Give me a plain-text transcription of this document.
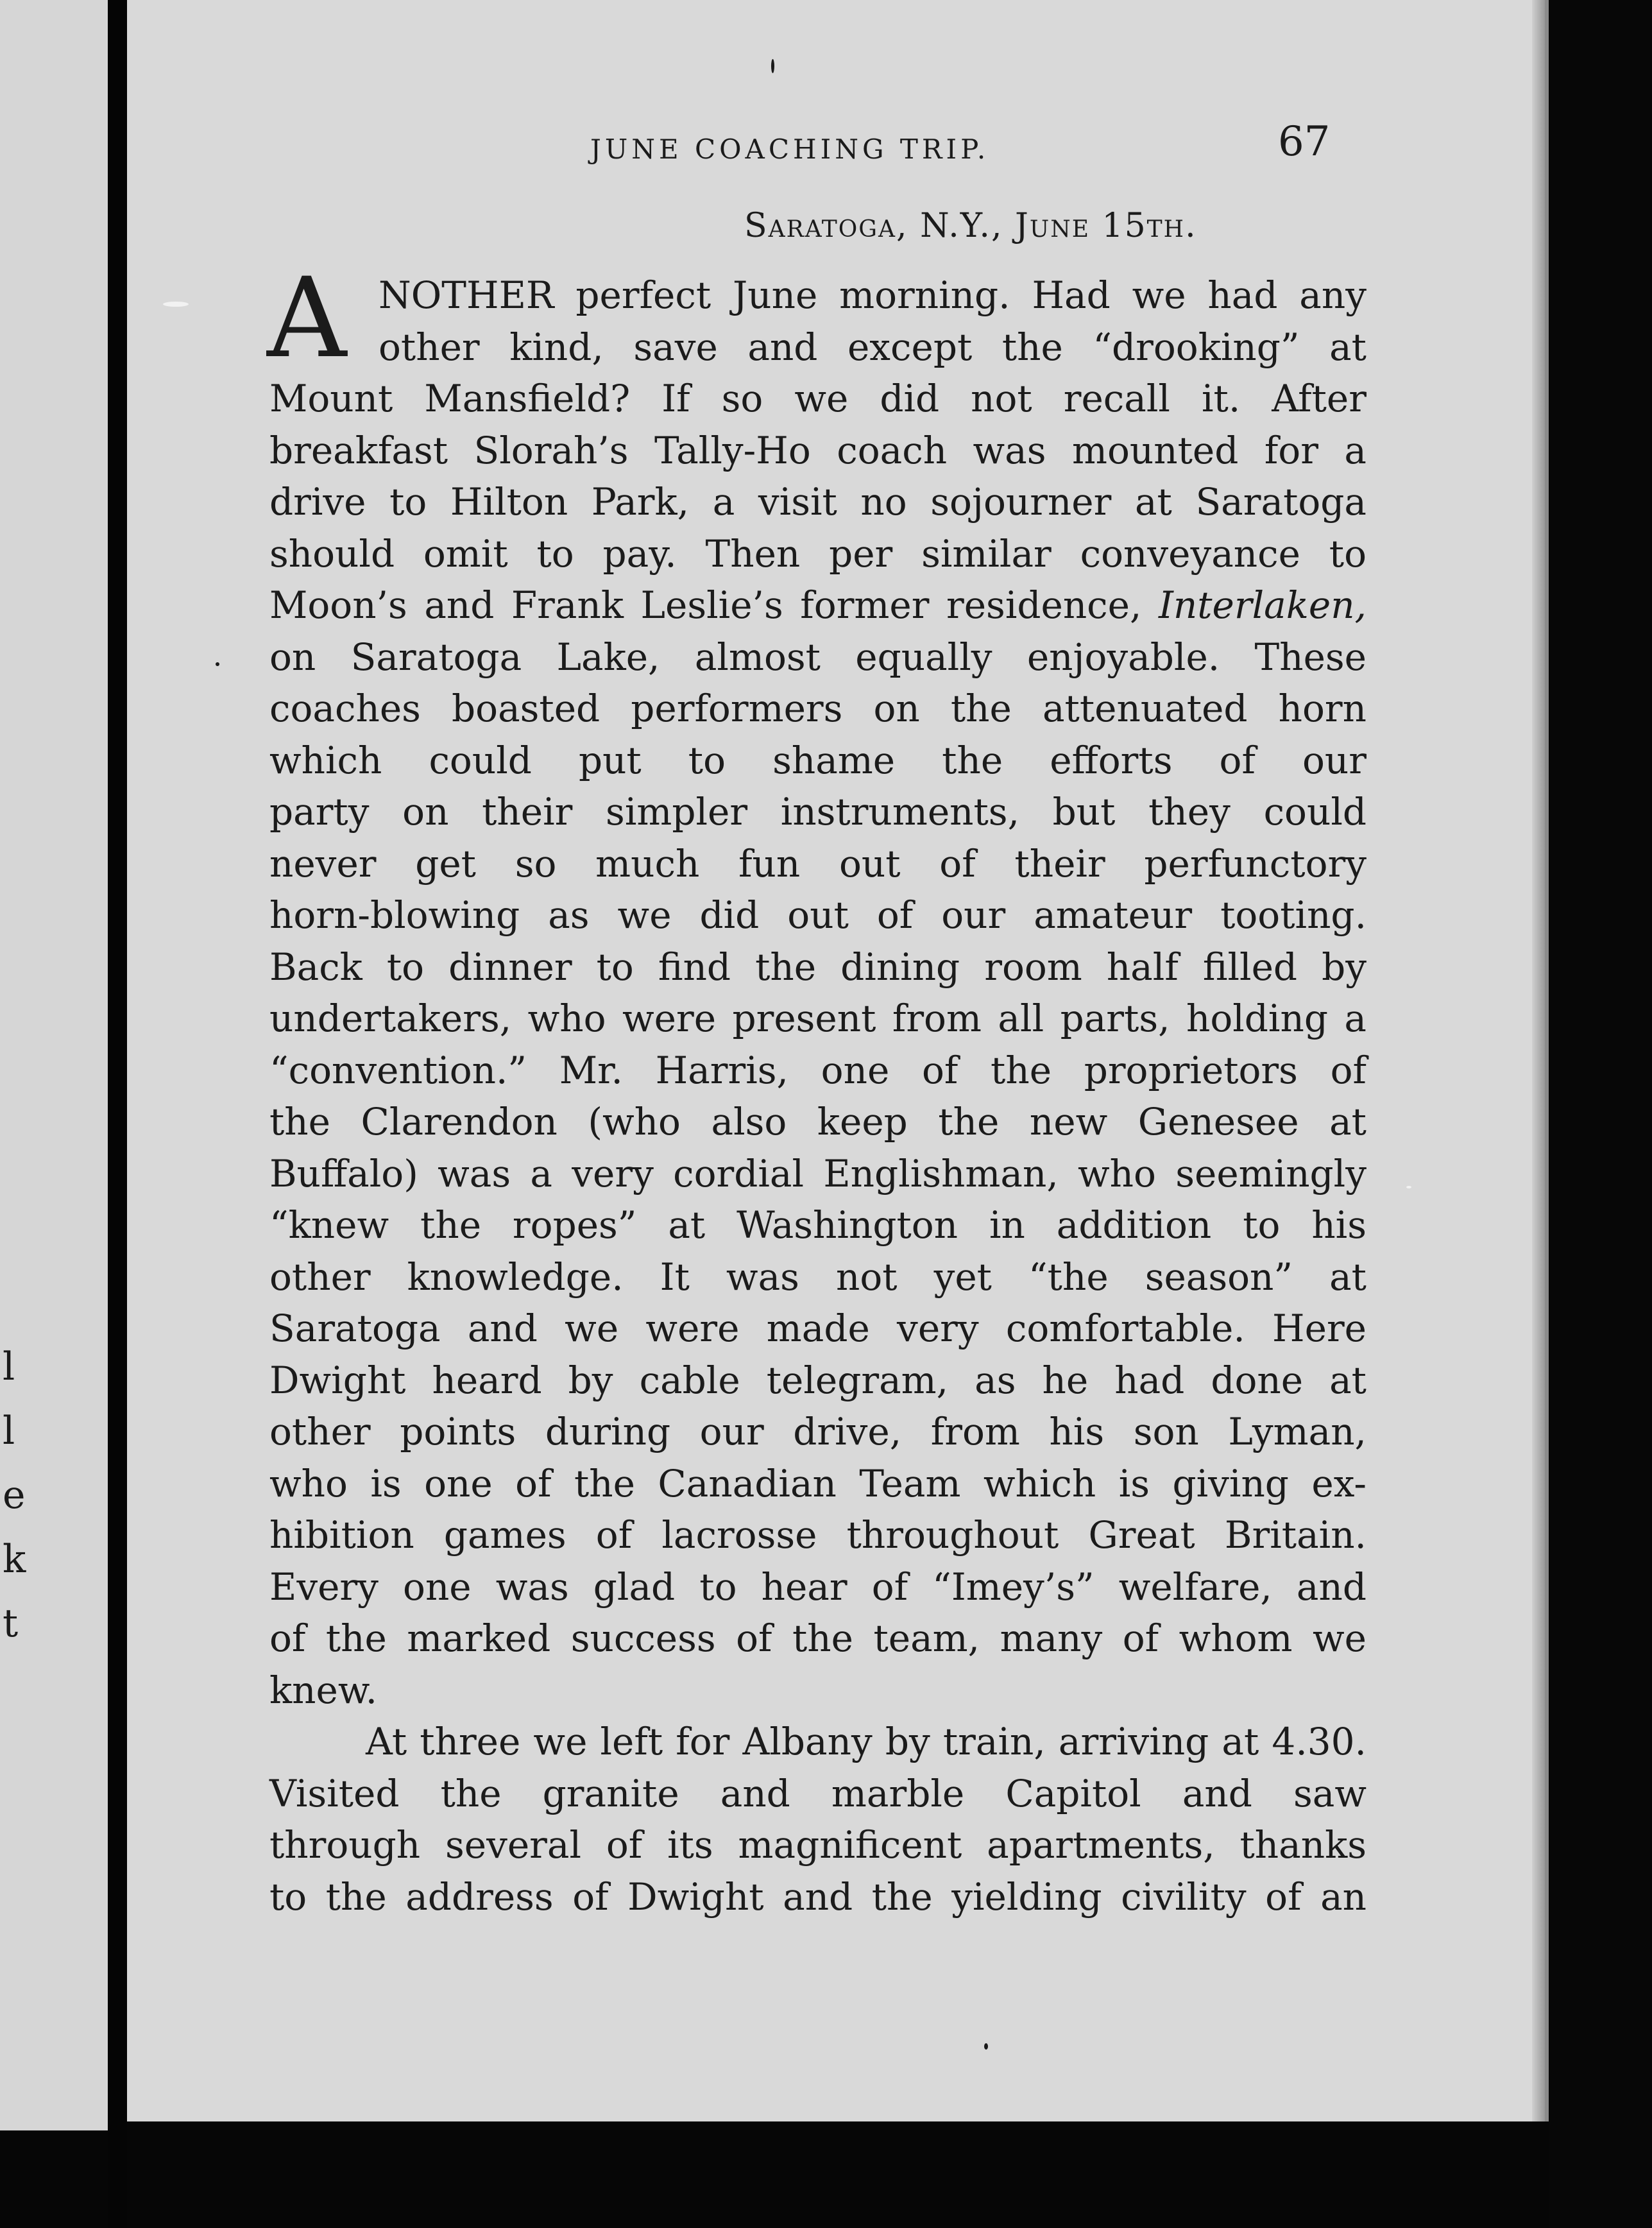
l
l
e
k
t
JUNE COACHING TRIP.	67
Saratoga, N.Y., June 15th.
A NOTHER perfect June morning. Had we had any
other kind, save and except the “drooking” at
Mount Mansfield? If so we did not recall it. After
breakfast Slorah’s Tally-Ho coach was mounted for a
drive to Hilton Park, a visit no sojourner at Saratoga
should omit to pay. Then per similar conveyance to
Moon’s and Frank Leslie’s former residence, Interlaken,
on Saratoga Lake, almost equally enjoyable. These
coaches boasted performers on the attenuated horn
which could put to shame the efforts of our
party on their simpler instruments, but they could
never get so much fun out of their perfunctory
horn-blowing as we did out of our amateur tooting.
Back to dinner to find the dining room half filled by
undertakers, who were present from all parts, holding a
“convention.” Mr. Harris, one of the proprietors of
the Clarendon (who also keep the new Genesee at
Buffalo) was a very cordial Englishman, who seemingly
“knew the ropes” at Washington in addition to his
other knowledge. It was not yet “the season” at
Saratoga and we were made very comfortable. Here
Dwight heard by cable telegram, as he had done at
other points during our drive, from his son Lyman,
who is one of the Canadian Team which is giving ex-
hibition games of lacrosse throughout Great Britain.
Every one was glad to hear of “Imey’s” welfare, and
of the marked success of the team, many of whom we
knew.
At three we left for Albany by train, arriving at 4.30.
Visited the granite and marble Capitol and saw
through several of its magnificent apartments, thanks
to the address of Dwight and the yielding civility of an
